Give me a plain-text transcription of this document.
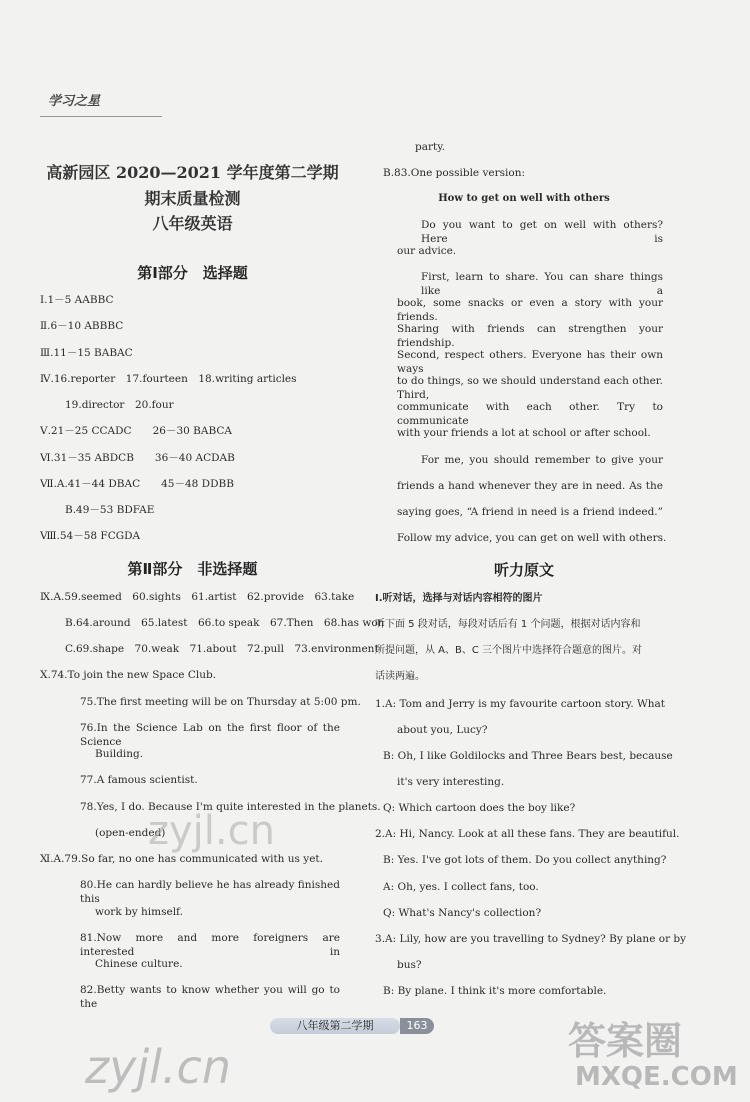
学习之星
高新园区 2020—2021 学年度第二学期
期末质量检测
八年级英语
第Ⅰ部分　选择题
Ⅰ.1－5 AABBC
Ⅱ.6－10 ABBBC
Ⅲ.11－15 BABAC
Ⅳ.16.reporter　17.fourteen　18.writing articles
19.director　20.four
Ⅴ.21－25 CCADC　　26－30 BABCA
Ⅵ.31－35 ABDCB　　36－40 ACDAB
Ⅶ.A.41－44 DBAC　　45－48 DDBB
B.49－53 BDFAE
Ⅷ.54－58 FCGDA
第Ⅱ部分　非选择题
Ⅸ.A.59.seemed　60.sights　61.artist　62.provide　63.take
B.64.around　65.latest　66.to speak　67.Then　68.has won
C.69.shape　70.weak　71.about　72.pull　73.environment
Ⅹ.74.To join the new Space Club.
75.The first meeting will be on Thursday at 5:00 pm.
76.In the Science Lab on the first floor of the Science
Building.
77.A famous scientist.
78.Yes, I do. Because I'm quite interested in the planets.
(open-ended)
Ⅺ.A.79.So far, no one has communicated with us yet.
80.He can hardly believe he has already finished this
work by himself.
81.Now more and more foreigners are interested in
Chinese culture.
82.Betty wants to know whether you will go to the
party.
B.83.One possible version:
How to get on well with others
Do you want to get on well with others? Here is
our advice.
First, learn to share. You can share things like a
book, some snacks or even a story with your friends.
Sharing with friends can strengthen your friendship.
Second, respect others. Everyone has their own ways
to do things, so we should understand each other. Third,
communicate with each other. Try to communicate
with your friends a lot at school or after school.
For me, you should remember to give your
friends a hand whenever they are in need. As the
saying goes, “A friend in need is a friend indeed.”
Follow my advice, you can get on well with others.
听力原文
Ⅰ.听对话，选择与对话内容相符的图片
听下面 5 段对话，每段对话后有 1 个问题，根据对话内容和
所提问题，从 A、B、C 三个图片中选择符合题意的图片。对
话读两遍。
1.A: Tom and Jerry is my favourite cartoon story. What
about you, Lucy?
B: Oh, I like Goldilocks and Three Bears best, because
it's very interesting.
Q: Which cartoon does the boy like?
2.A: Hi, Nancy. Look at all these fans. They are beautiful.
B: Yes. I've got lots of them. Do you collect anything?
A: Oh, yes. I collect fans, too.
Q: What's Nancy's collection?
3.A: Lily, how are you travelling to Sydney? By plane or by
bus?
B: By plane. I think it's more comfortable.
八年级第二学期	163
zyjl.cn
zyjl.cn	答案圈
MXQE.COM
